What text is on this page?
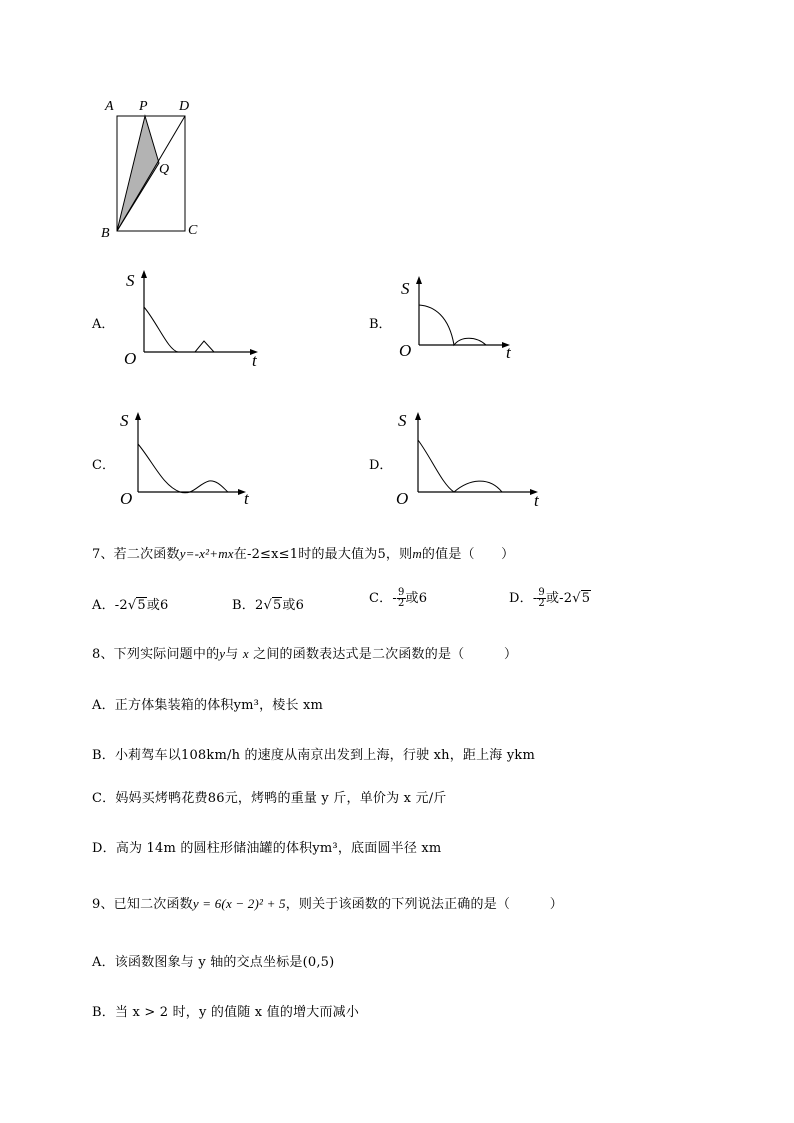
A P D
Q
B	C
A．
S
O	t
B．
S
O	t
C．
S
O	t
D．
S
O	t
7、若二次函数y=-x²+mx在-2≤x≤1时的最大值为5，则m的值是（　　）
A．-2√5或6	B．2√5或6	C．- $\frac{9}{2}$ 或6	D．- $\frac{9}{2}$ 或-2√5
8、下列实际问题中的y与 x 之间的函数表达式是二次函数的是（　　　）
A．正方体集装箱的体积ym³，棱长 xm
B．小莉驾车以108km/h 的速度从南京出发到上海，行驶 xh，距上海 ykm
C．妈妈买烤鸭花费86元，烤鸭的重量 y 斤，单价为 x 元/斤
D．高为 14m 的圆柱形储油罐的体积ym³，底面圆半径 xm
9、已知二次函数y = 6(x − 2)² + 5，则关于该函数的下列说法正确的是（　　　）
A．该函数图象与 y 轴的交点坐标是(0,5)
B．当 x > 2 时，y 的值随 x 值的增大而减小
